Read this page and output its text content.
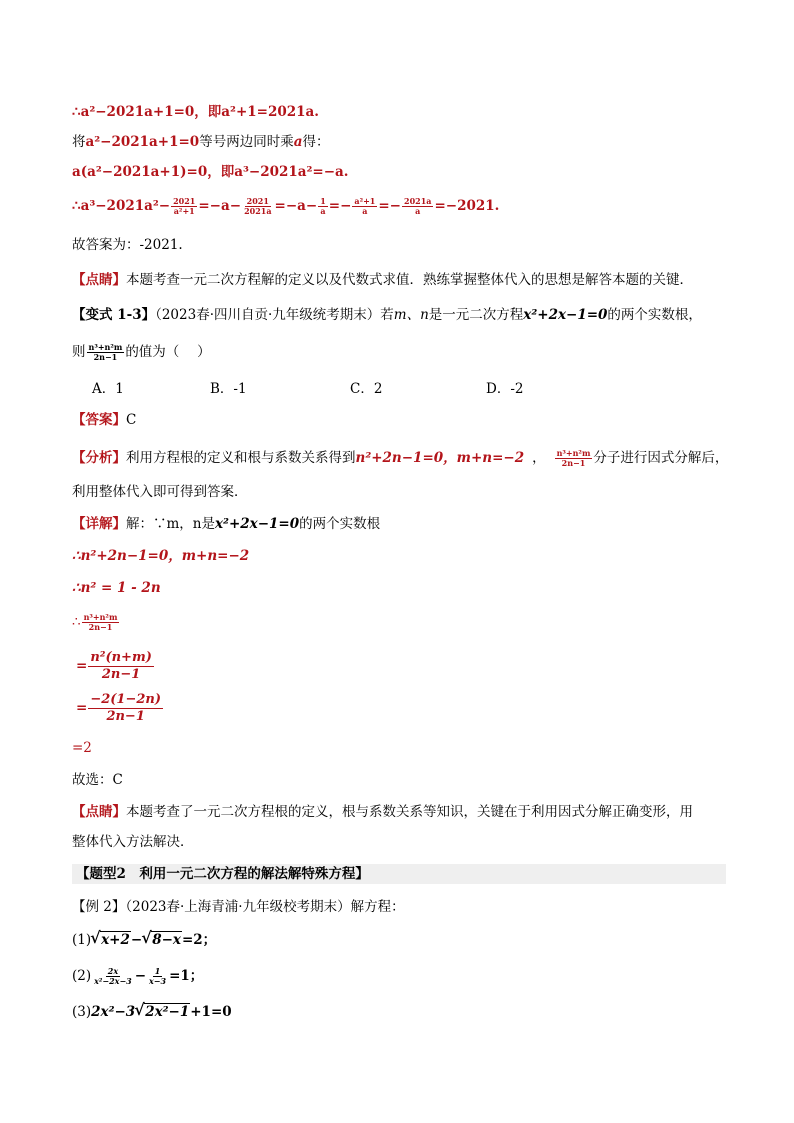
∴a²−2021a+1=0，即a²+1=2021a.
将a²−2021a+1=0等号两边同时乘a得：
a(a²−2021a+1)=0，即a³−2021a²=−a.
∴a³−2021a²− $\frac{2021}{\text{a²+1}} =-a- \frac{2021}{2021a} =-a- \frac{1}{a} =- \frac{\text{a²+1}}{a} =- \frac{2021a}{a} =-2021$.
故答案为：-2021.
【点睛】本题考查一元二次方程解的定义以及代数式求值．熟练掌握整体代入的思想是解答本题的关键．
【变式 1-3】（2023春·四川自贡·九年级统考期末）若m、n是一元二次方程x²+2x−1=0的两个实数根，
则 $\frac{\text{n³+n²m}}{2n-1}$ 的值为（　 ）
A．1	B．-1	C．2	D．-2
【答案】C
【分析】利用方程根的定义和根与系数关系得到n²+2n−1=0，m+n=−2 ， $\frac{\text{n³+n²m}}{2n-1}$ 分子进行因式分解后，
利用整体代入即可得到答案．
【详解】解：∵m，n是x²+2x−1=0的两个实数根
∴n²+2n−1=0，m+n=−2
∴n² = 1 - 2n
∴ $\frac{\text{n³+n²m}}{2n-1}$
= $\frac{\text{n²(n+m)}}{2n-1}$
= $\frac{-2(1-2n)}{2n-1}$
=2
故选：C
【点睛】本题考查了一元二次方程根的定义，根与系数关系等知识，关键在于利用因式分解正确变形，用
整体代入方法解决．
【题型2　利用一元二次方程的解法解特殊方程】
【例 2】（2023春·上海青浦·九年级校考期末）解方程：
(1) √ x+2− √ 8−x=2；
$(2) \frac{2x}{\text{x²−2x−3}} - \frac{1}{x-3} =1$；
(3)2x²−3 √ 2x²−1+1=0
